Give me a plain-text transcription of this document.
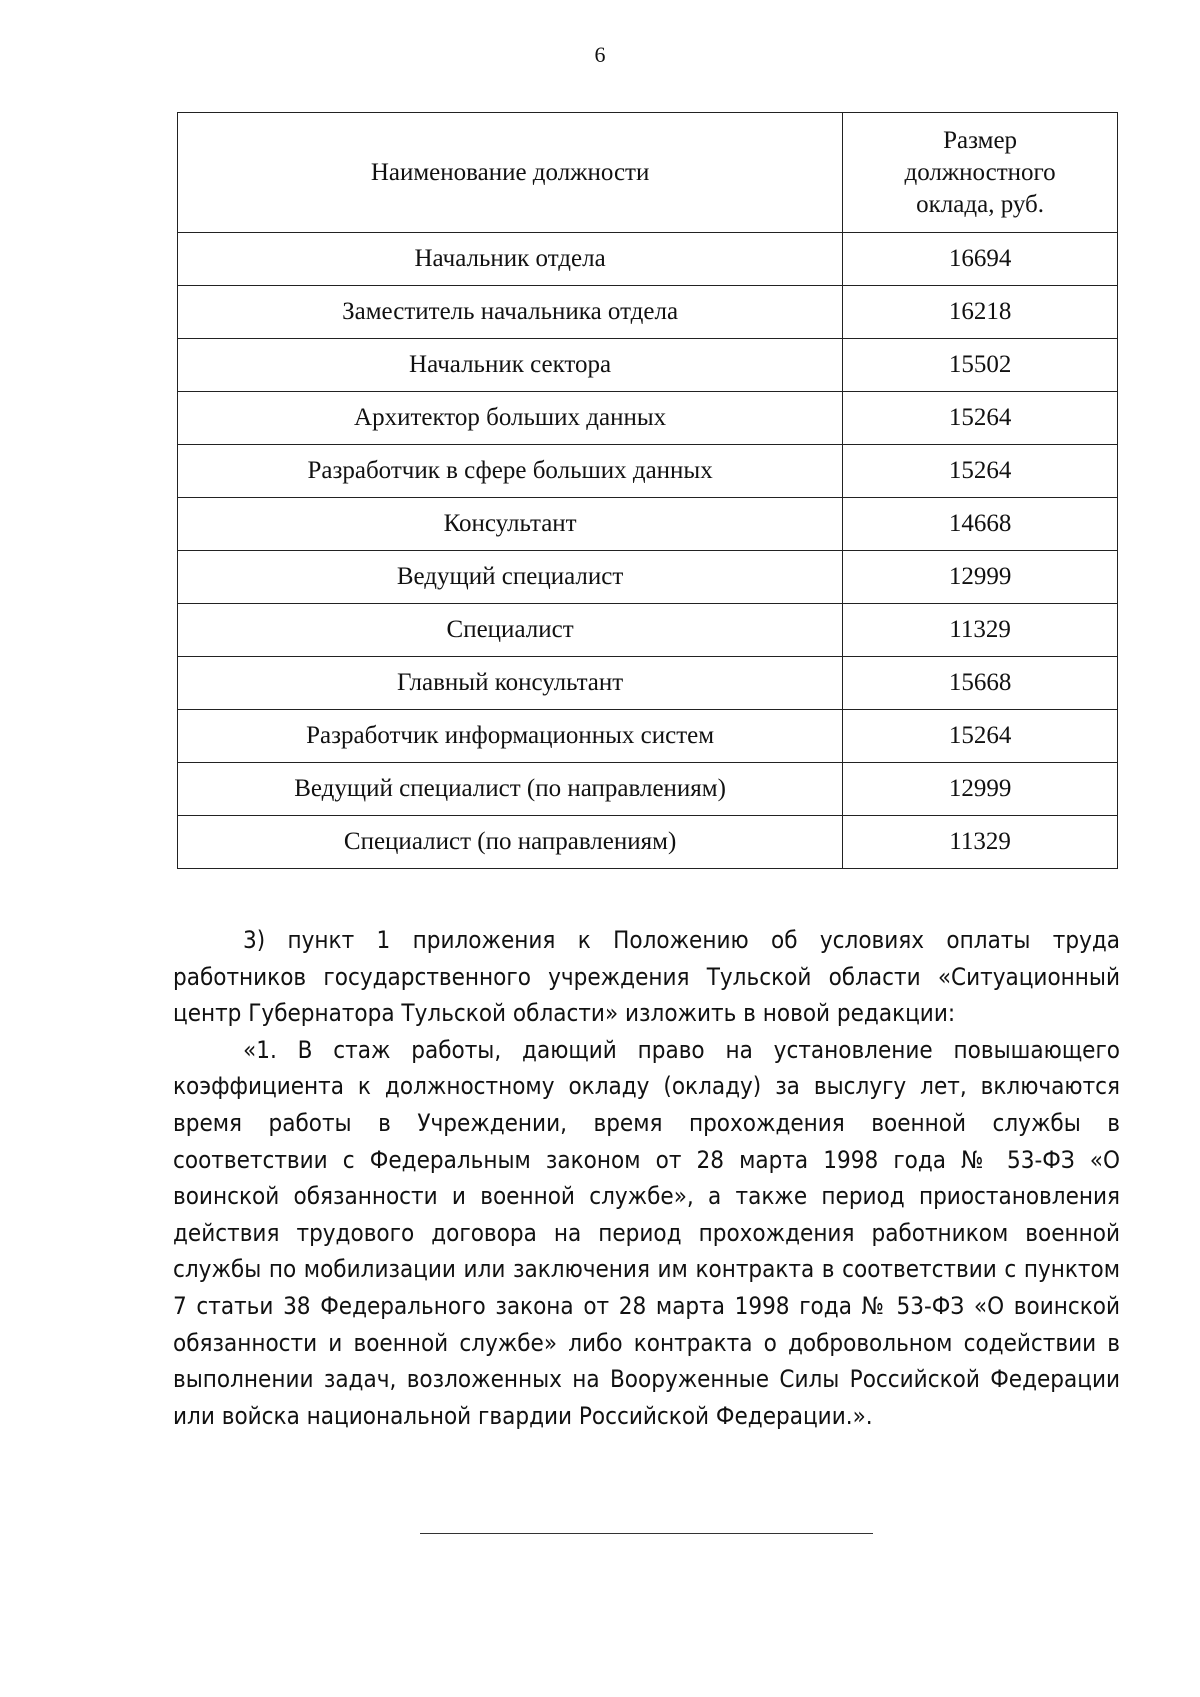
6
Наименование должности	Размер
должностного
оклада, руб.

Начальник отдела	16694
Заместитель начальника отдела	16218
Начальник сектора	15502
Архитектор больших данных	15264
Разработчик в сфере больших данных	15264
Консультант	14668
Ведущий специалист	12999
Специалист	11329
Главный консультант	15668
Разработчик информационных систем	15264
Ведущий специалист (по направлениям)	12999
Специалист (по направлениям)	11329

3) пункт 1 приложения к Положению об условиях оплаты труда работников государственного учреждения Тульской области «Ситуационный центр Губернатора Тульской области» изложить в новой редакции:

«1. В стаж работы, дающий право на установление повышающего коэффициента к должностному окладу (окладу) за выслугу лет, включаются время работы в Учреждении, время прохождения военной службы в соответствии с Федеральным законом от 28 марта 1998 года № 53-ФЗ «О воинской обязанности и военной службе», а также период приостановления действия трудового договора на период прохождения работником военной службы по мобилизации или заключения им контракта в соответствии с пунктом 7 статьи 38 Федерального закона от 28 марта 1998 года № 53-ФЗ «О воинской обязанности и военной службе» либо контракта о добровольном содействии в выполнении задач, возложенных на Вооруженные Силы Российской Федерации или войска национальной гвардии Российской Федерации.».
